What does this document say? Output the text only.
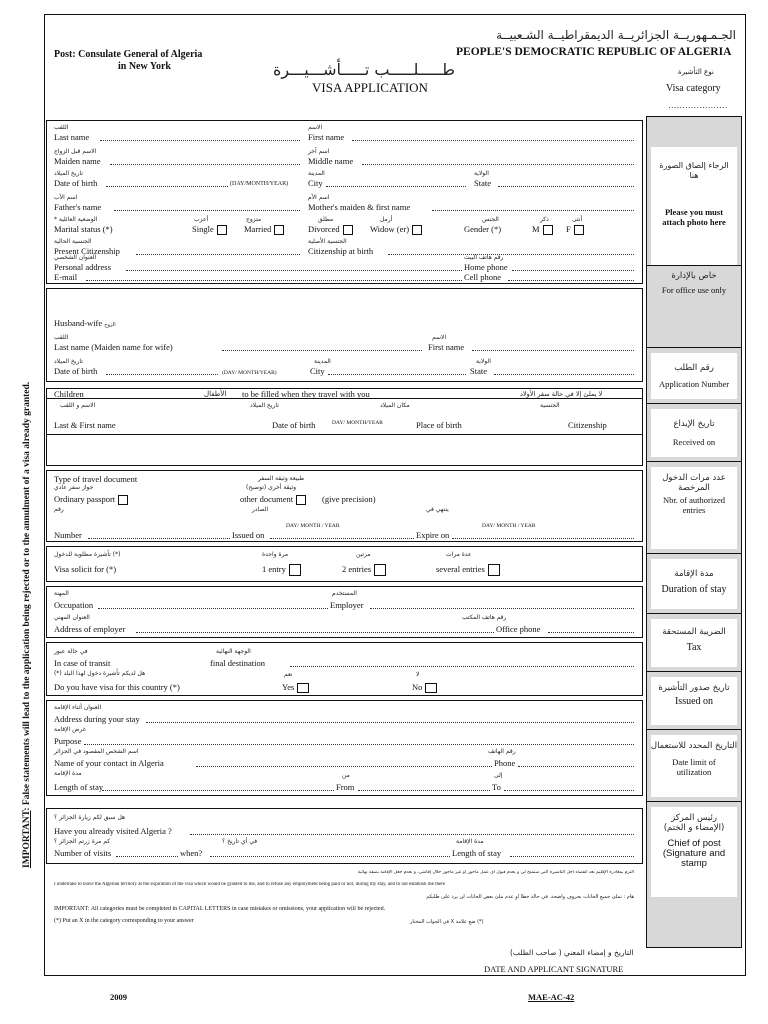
Post: Consulate General of Algeria
in New York
الجـمـهوريــة الجزائريــة الديمقراطيــة الشـعبيــة
PEOPLE'S DEMOCRATIC REPUBLIC OF ALGERIA
طـــــلـــــب تـــــأشـــيـــرة
VISA APPLICATION
نوع التأشيرة
Visa category
…………………
IMPORTANT: False statements will lead to the application being rejected or to the annulment of a visa already granted.
الرجاء إلصاق الصورة هنا
Please you must attach photo here
خاص بالإدارة
For office use only
رقم الطلب
Application Number
تاريخ الإيداع
Received on
عدد مرات الدخول المرخصة
Nbr. of authorized entries
مدة الإقامة
Duration of stay
الضريبة المستحقة
Tax
تاريخ صدور التأشيرة
Issued on
التاريخ المحدد للاستعمال
Date limit of utilization
رئيس المركز (الإمضاء و الختم)
Chief of post (Signature and stamp
اللقب
Last name
الاسم
First name
الاسم قبل الزواج
Maiden name
اسم آخر
Middle name
تاريخ الميلاد
Date of birth	(DAY/MONTH/YEAR)
المدينة
City
الولاية
State
اسم الأب
Father's name
اسم الأم
Mother's maiden & first name
الوضعية العائلية *
Marital status (*)
أعزب
Single
متزوج
Married
مطلق
Divorced
أرمل
Widow (er)
الجنس
Gender (*)
ذكر
M
أنثى
F
الجنسية الحالية
Present Citizenship
الجنسية الأصلية
Citizenship at birth
العنوان الشخصي
Personal address
رقم هاتف البيت
Home phone
E-mail	Cell phone
Husband-wife الزوج
اللقب
Last name (Maiden name for wife)
الاسم
First name
تاريخ الميلاد
Date of birth	(DAY/ MONTH/YEAR)
المدينة
City
الولاية
State
Children	الأطفال to be filled when they travel with you	لا يملئ إلا في حالة سفر الأولاد
الاسم و اللقب	تاريخ الميلاد	مكان الميلاد	الجنسية
Last & First name	Date of birth	DAY/ MONTH/YEAR	Place of birth	Citizenship
Type of travel document	طبيعة وثيقة السفر
جواز سفر عادي	وثيقة أخرى (توضيح)
Ordinary passport	other document	(give precision)
رقم	الصادر	ينتهي في
DAY/ MONTH / YEAR	DAY/ MONTH / YEAR
Number	Issued on	Expire on
(*) تأشيرة مطلوبة للدخول	مرة واحدة	مرتين	عدة مرات
Visa solicit for (*)	1 entry	2 entries	several entries
المهنة	المستخدم
Occupation	Employer
العنوان المهني	رقم هاتف المكتب
Address of employer	Office phone
في حالة عبور	الوجهة النهائية
In case of transit	final destination
هل لديكم تأشيرة دخول لهذا البلد (*)	نعم	لا
Do you have visa for this country (*)	Yes	No
العنوان أثناء الإقامة
Address during your stay
غرض الإقامة
Purpose
اسم الشخص المقصود في الجزائر	رقم الهاتف
Name of your contact in Algeria	Phone
مدة الإقامة	من	إلى
Length of stay	From	To
هل سبق لكم زيارة الجزائر ؟
Have you already visited Algeria ?
كم مرة زرتم الجزائر ؟	في أي تاريخ ؟	مدة الإقامة
Number of visits	when?	Length of stay
ألتزم بمغادرة الإقليم بعد انقضاء أجل التأشيرة التي ستمنح لي و بعدم قبول أي عمل مأجور أو غير مأجور خلال إقامتي، و بعدم جعل الإقامة بصفة نهائية
I undertake to leave the Algerian territory at the expiration of the visa which would be granted to me, and to refuse any employment being paid or not, during my stay, and to not establish me there
هام : تملئ جميع الخانات بحروف واضحة. في حالة خطأ أو عدم ملئ بعض الخانات لن يرد على طلبكم
IMPORTANT: All categories must be completed in CAPITAL LETTERS in case mistakes or omissions, your application will be rejected.
(*) Put an X in the category corresponding to your answer	(*) ضع علامة X في الجواب المختار
التاريخ و إمضاء المعني ( صاحب الطلب)
DATE AND APPLICANT SIGNATURE
2009	MAE-AC-42
